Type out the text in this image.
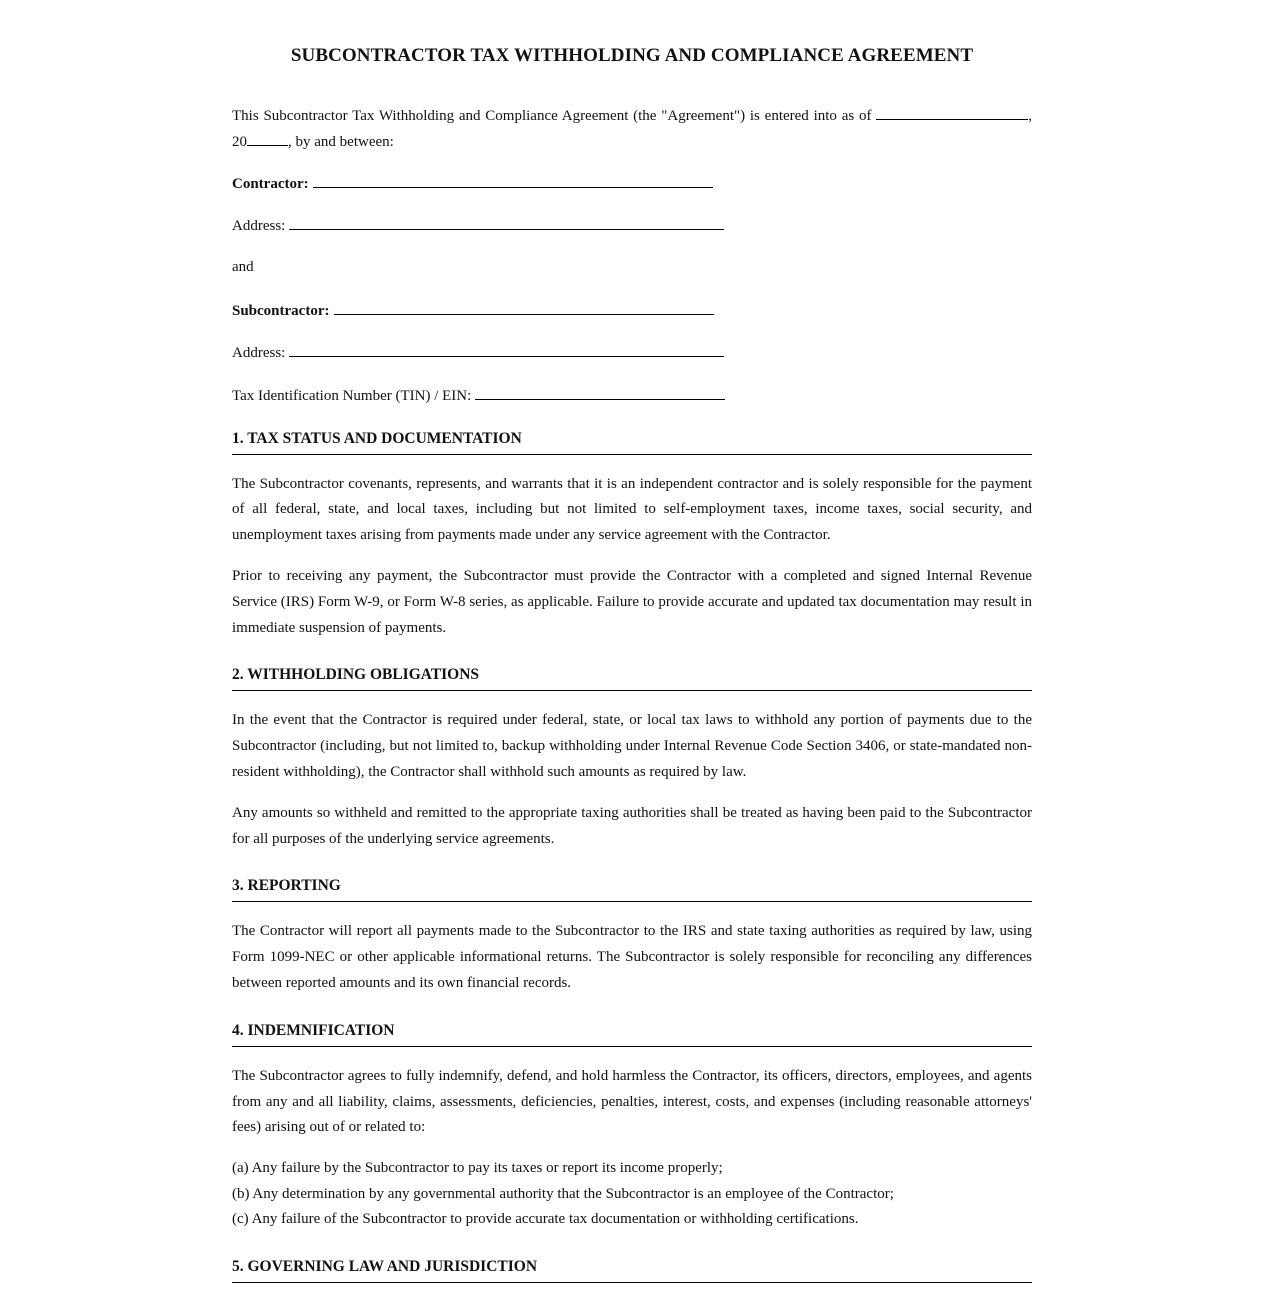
SUBCONTRACTOR TAX WITHHOLDING AND COMPLIANCE AGREEMENT

This Subcontractor Tax Withholding and Compliance Agreement (the "Agreement") is entered into as of	, 20	, by and between:

Contractor:
Address:
and
Subcontractor:
Address:
Tax Identification Number (TIN) / EIN:
1. TAX STATUS AND DOCUMENTATION

The Subcontractor covenants, represents, and warrants that it is an independent contractor and is solely responsible for the payment of all federal, state, and local taxes, including but not limited to self-employment taxes, income taxes, social security, and unemployment taxes arising from payments made under any service agreement with the Contractor.

Prior to receiving any payment, the Subcontractor must provide the Contractor with a completed and signed Internal Revenue Service (IRS) Form W-9, or Form W-8 series, as applicable. Failure to provide accurate and updated tax documentation may result in immediate suspension of payments.

2. WITHHOLDING OBLIGATIONS

In the event that the Contractor is required under federal, state, or local tax laws to withhold any portion of payments due to the Subcontractor (including, but not limited to, backup withholding under Internal Revenue Code Section 3406, or state-mandated non-resident withholding), the Contractor shall withhold such amounts as required by law.

Any amounts so withheld and remitted to the appropriate taxing authorities shall be treated as having been paid to the Subcontractor for all purposes of the underlying service agreements.

3. REPORTING

The Contractor will report all payments made to the Subcontractor to the IRS and state taxing authorities as required by law, using Form 1099-NEC or other applicable informational returns. The Subcontractor is solely responsible for reconciling any differences between reported amounts and its own financial records.

4. INDEMNIFICATION

The Subcontractor agrees to fully indemnify, defend, and hold harmless the Contractor, its officers, directors, employees, and agents from any and all liability, claims, assessments, deficiencies, penalties, interest, costs, and expenses (including reasonable attorneys' fees) arising out of or related to:

(a) Any failure by the Subcontractor to pay its taxes or report its income properly;
(b) Any determination by any governmental authority that the Subcontractor is an employee of the Contractor;
(c) Any failure of the Subcontractor to provide accurate tax documentation or withholding certifications.
5. GOVERNING LAW AND JURISDICTION
